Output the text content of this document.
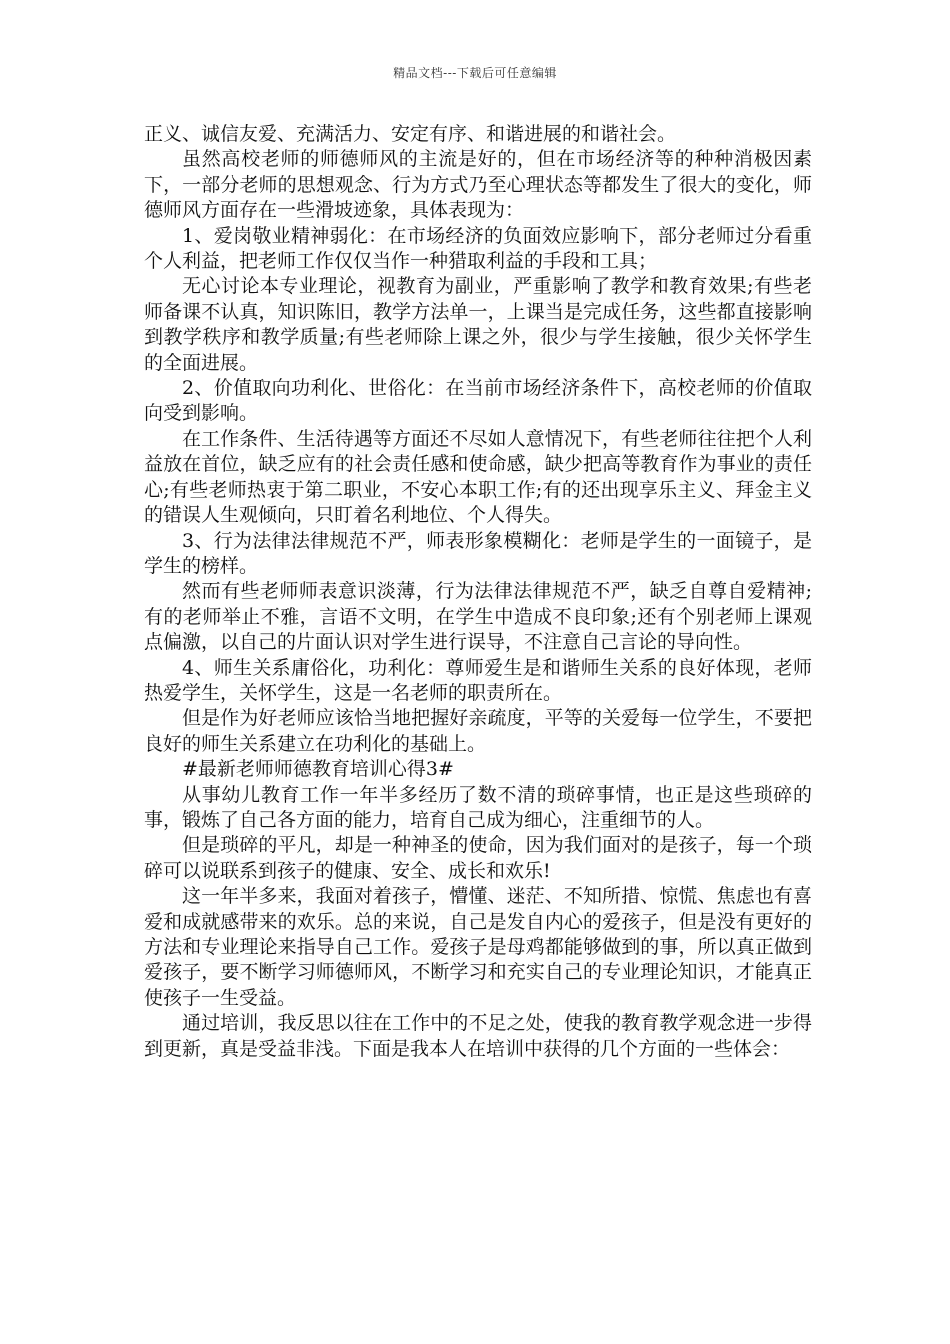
精品文档---下载后可任意编辑

正义、诚信友爱、充满活力、安定有序、和谐进展的和谐社会。

虽然高校老师的师德师风的主流是好的，但在市场经济等的种种消极因素下，一部分老师的思想观念、行为方式乃至心理状态等都发生了很大的变化，师德师风方面存在一些滑坡迹象，具体表现为：

1、爱岗敬业精神弱化：在市场经济的负面效应影响下，部分老师过分看重个人利益，把老师工作仅仅当作一种猎取利益的手段和工具；

无心讨论本专业理论，视教育为副业，严重影响了教学和教育效果;有些老师备课不认真，知识陈旧，教学方法单一，上课当是完成任务，这些都直接影响到教学秩序和教学质量;有些老师除上课之外，很少与学生接触，很少关怀学生的全面进展。

2、价值取向功利化、世俗化：在当前市场经济条件下，高校老师的价值取向受到影响。

在工作条件、生活待遇等方面还不尽如人意情况下，有些老师往往把个人利益放在首位，缺乏应有的社会责任感和使命感，缺少把高等教育作为事业的责任心;有些老师热衷于第二职业，不安心本职工作;有的还出现享乐主义、拜金主义的错误人生观倾向，只盯着名利地位、个人得失。

3、行为法律法律规范不严，师表形象模糊化：老师是学生的一面镜子，是学生的榜样。

然而有些老师师表意识淡薄，行为法律法律规范不严，缺乏自尊自爱精神;有的老师举止不雅，言语不文明，在学生中造成不良印象;还有个别老师上课观点偏激，以自己的片面认识对学生进行误导，不注意自己言论的导向性。

4、师生关系庸俗化，功利化：尊师爱生是和谐师生关系的良好体现，老师热爱学生，关怀学生，这是一名老师的职责所在。

但是作为好老师应该恰当地把握好亲疏度，平等的关爱每一位学生，不要把良好的师生关系建立在功利化的基础上。

#最新老师师德教育培训心得3#

从事幼儿教育工作一年半多经历了数不清的琐碎事情，也正是这些琐碎的事，锻炼了自己各方面的能力，培育自己成为细心，注重细节的人。

但是琐碎的平凡，却是一种神圣的使命，因为我们面对的是孩子，每一个琐碎可以说联系到孩子的健康、安全、成长和欢乐!

这一年半多来，我面对着孩子，懵懂、迷茫、不知所措、惊慌、焦虑也有喜爱和成就感带来的欢乐。总的来说，自己是发自内心的爱孩子，但是没有更好的方法和专业理论来指导自己工作。爱孩子是母鸡都能够做到的事，所以真正做到爱孩子，要不断学习师德师风，不断学习和充实自己的专业理论知识，才能真正使孩子一生受益。

通过培训，我反思以往在工作中的不足之处，使我的教育教学观念进一步得到更新，真是受益非浅。下面是我本人在培训中获得的几个方面的一些体会：
